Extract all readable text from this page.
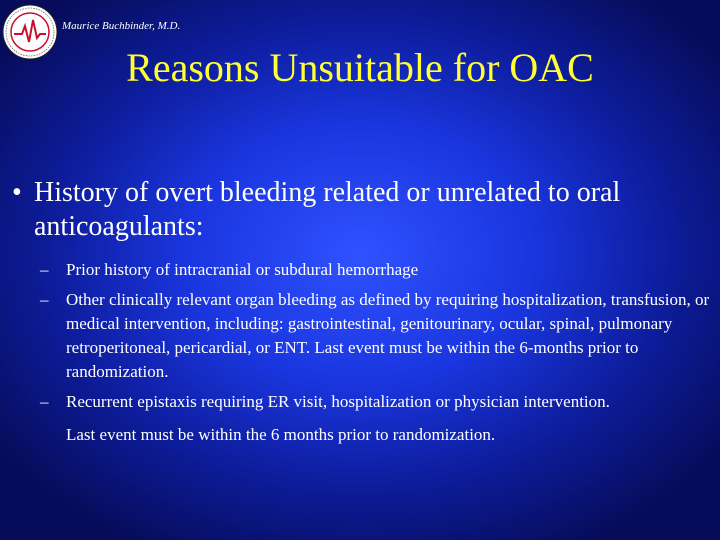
Maurice Buchbinder, M.D.
Reasons Unsuitable for OAC
• History of overt bleeding related or unrelated to oral anticoagulants:
– Prior history of intracranial or subdural hemorrhage
– Other clinically relevant organ bleeding as defined by requiring hospitalization, transfusion, or medical intervention, including: gastrointestinal, genitourinary, ocular, spinal, pulmonary retroperitoneal, pericardial, or ENT. Last event must be within the 6-months prior to randomization.
– Recurrent epistaxis requiring ER visit, hospitalization or physician intervention.
Last event must be within the 6 months prior to randomization.
